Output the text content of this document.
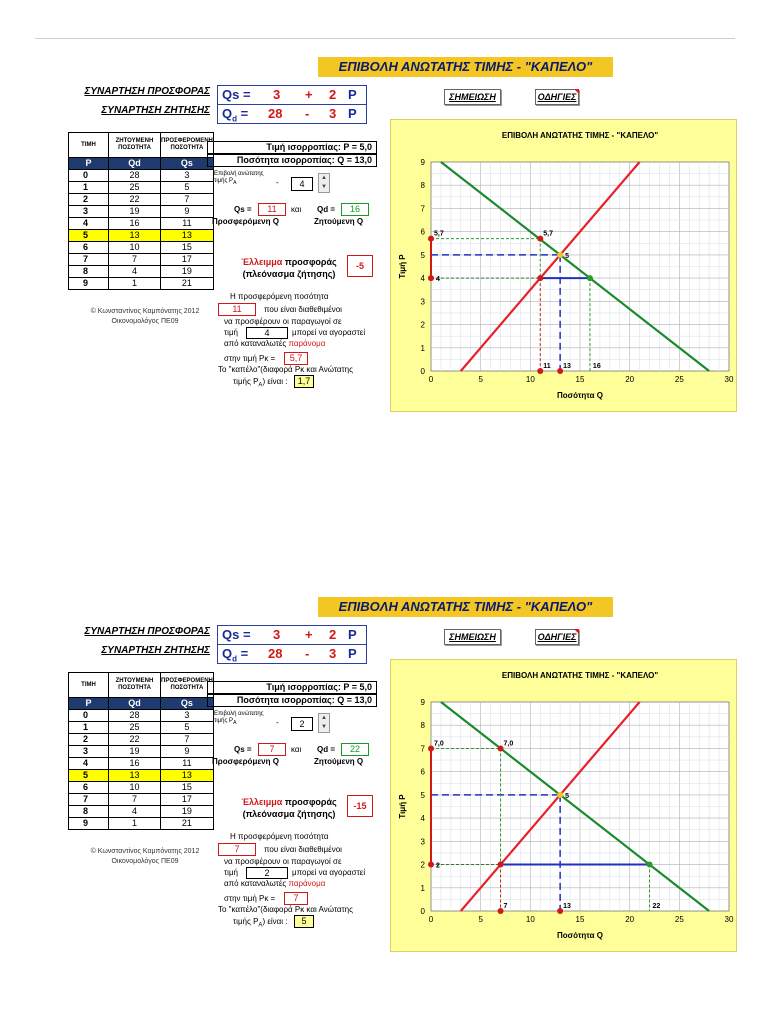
ΕΠΙΒΟΛΗ ΑΝΩΤΑΤΗΣ ΤΙΜΗΣ - "ΚΑΠΕΛΟ"
ΣΥΝΑΡΤΗΣΗ ΠΡΟΣΦΟΡΑΣ
ΣΥΝΑΡΤΗΣΗ ΖΗΤΗΣΗΣ
Qs = 3 + 2 P
$Q_d = 28 - 3$ P
ΣΗΜΕΙΩΣΗ	ΟΔΗΓΙΕΣ
ΤΙΜΗ	ΖΗΤΟΥΜΕΝΗ ΠΟΣΟΤΗΤΑ	ΠΡΟΣΦΕΡΟΜΕΝΗ ΠΟΣΟΤΗΤΑ
P	Qd	Qs
0	28	3
1	25	5
2	22	7
3	19	9
4	16	11
5	13	13
6	10	15
7	7	17
8	4	19
9	1	21
Τιμή ισορροπίας: P = 5,0
Ποσότητα ισορροπίας: Q = 13,0
Επιβολή ανώτατης τιμής $P_A$	-	4
▲
▼
Qs =	11	και Qd =	16
Προσφερόμενη Q	Ζητούμενη Q
Έλλειμμα προσφοράς
(πλεόνασμα ζήτησης)
-5
© Κωνσταντίνος Καμπόνατης 2012
Οικονομολόγος ΠΕ09
Η προσφερόμενη ποσότητα
11	που είναι διαθεθιμένοι
να προσφέρουν οι παραγωγοί σε
τιμή	4	μπορεί να αγοραστεί
από καταναλωτές παράνομα
στην τιμή Pκ =	5,7
Το "καπέλο"(διαφορά Pκ και Ανώτατης
τιμής $P_A$) είναι :	1,7
ΕΠΙΒΟΛΗ ΑΝΩΤΑΤΗΣ ΤΙΜΗΣ - "ΚΑΠΕΛΟ"
0	5	10	15	20	25	30
0
1
2
3
4
5
6
7
8
9
Ποσότητα Q
Τιμή P	5
5,7	5,7
4
11 13	16
ΕΠΙΒΟΛΗ ΑΝΩΤΑΤΗΣ ΤΙΜΗΣ - "ΚΑΠΕΛΟ"
ΣΥΝΑΡΤΗΣΗ ΠΡΟΣΦΟΡΑΣ
ΣΥΝΑΡΤΗΣΗ ΖΗΤΗΣΗΣ
Qs = 3 + 2 P
$Q_d = 28 - 3$ P
ΣΗΜΕΙΩΣΗ	ΟΔΗΓΙΕΣ
ΤΙΜΗ	ΖΗΤΟΥΜΕΝΗ ΠΟΣΟΤΗΤΑ	ΠΡΟΣΦΕΡΟΜΕΝΗ ΠΟΣΟΤΗΤΑ
P	Qd	Qs
0	28	3
1	25	5
2	22	7
3	19	9
4	16	11
5	13	13
6	10	15
7	7	17
8	4	19
9	1	21
Τιμή ισορροπίας: P = 5,0
Ποσότητα ισορροπίας: Q = 13,0
Επιβολή ανώτατης τιμής $P_A$	-	2
▲
▼
Qs =	7	και Qd =	22
Προσφερόμενη Q	Ζητούμενη Q
Έλλειμμα προσφοράς
(πλεόνασμα ζήτησης)
-15
© Κωνσταντίνος Καμπόνατης 2012
Οικονομολόγος ΠΕ09
Η προσφερόμενη ποσότητα
7	που είναι διαθεθιμένοι
να προσφέρουν οι παραγωγοί σε
τιμή	2	μπορεί να αγοραστεί
από καταναλωτές παράνομα
στην τιμή Pκ =	7
Το "καπέλο"(διαφορά Pκ και Ανώτατης
τιμής $P_A$) είναι :	5
ΕΠΙΒΟΛΗ ΑΝΩΤΑΤΗΣ ΤΙΜΗΣ - "ΚΑΠΕΛΟ"
0	5	10	15	20	25	30
0
1
2
3
4
5
6
7
8
9
Ποσότητα Q
Τιμή P	5
7,0	7,0
2
7	13	22
